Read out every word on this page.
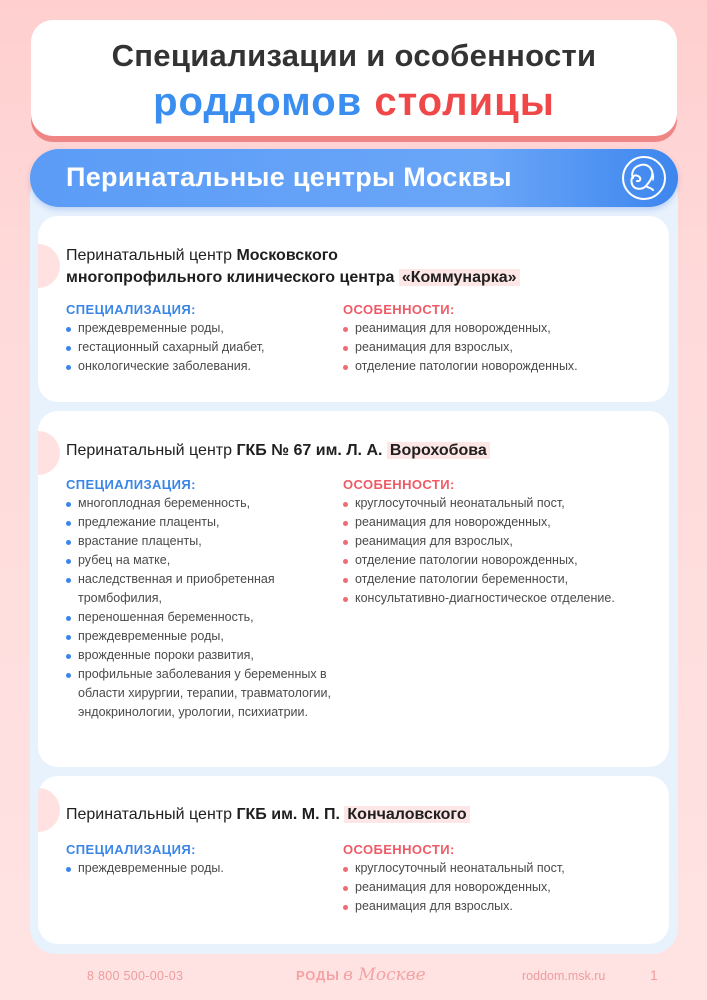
Специализации и особенности
роддомов столицы
Перинатальные центры Москвы
Перинатальный центр Московского
многопрофильного клинического центра «Коммунарка»
СПЕЦИАЛИЗАЦИЯ:
преждевременные роды,
гестационный сахарный диабет,
онкологические заболевания.
ОСОБЕННОСТИ:
реанимация для новорожденных,
реанимация для взрослых,
отделение патологии новорожденных.
Перинатальный центр ГКБ № 67 им. Л. А. Ворохобова
СПЕЦИАЛИЗАЦИЯ:
многоплодная беременность,
предлежание плаценты,
врастание плаценты,
рубец на матке,
наследственная и приобретенная тромбофилия,
переношенная беременность,
преждевременные роды,
врожденные пороки развития,
профильные заболевания у беременных в области хирургии, терапии, травматологии, эндокринологии, урологии, психиатрии.
ОСОБЕННОСТИ:
круглосуточный неонатальный пост,
реанимация для новорожденных,
реанимация для взрослых,
отделение патологии новорожденных,
отделение патологии беременности,
консультативно-диагностическое отделение.
Перинатальный центр ГКБ им. М. П. Кончаловского
СПЕЦИАЛИЗАЦИЯ:
преждевременные роды.
ОСОБЕННОСТИ:
круглосуточный неонатальный пост,
реанимация для новорожденных,
реанимация для взрослых.
8 800 500-00-03	РОДЫ в Москве	roddom.msk.ru	1
